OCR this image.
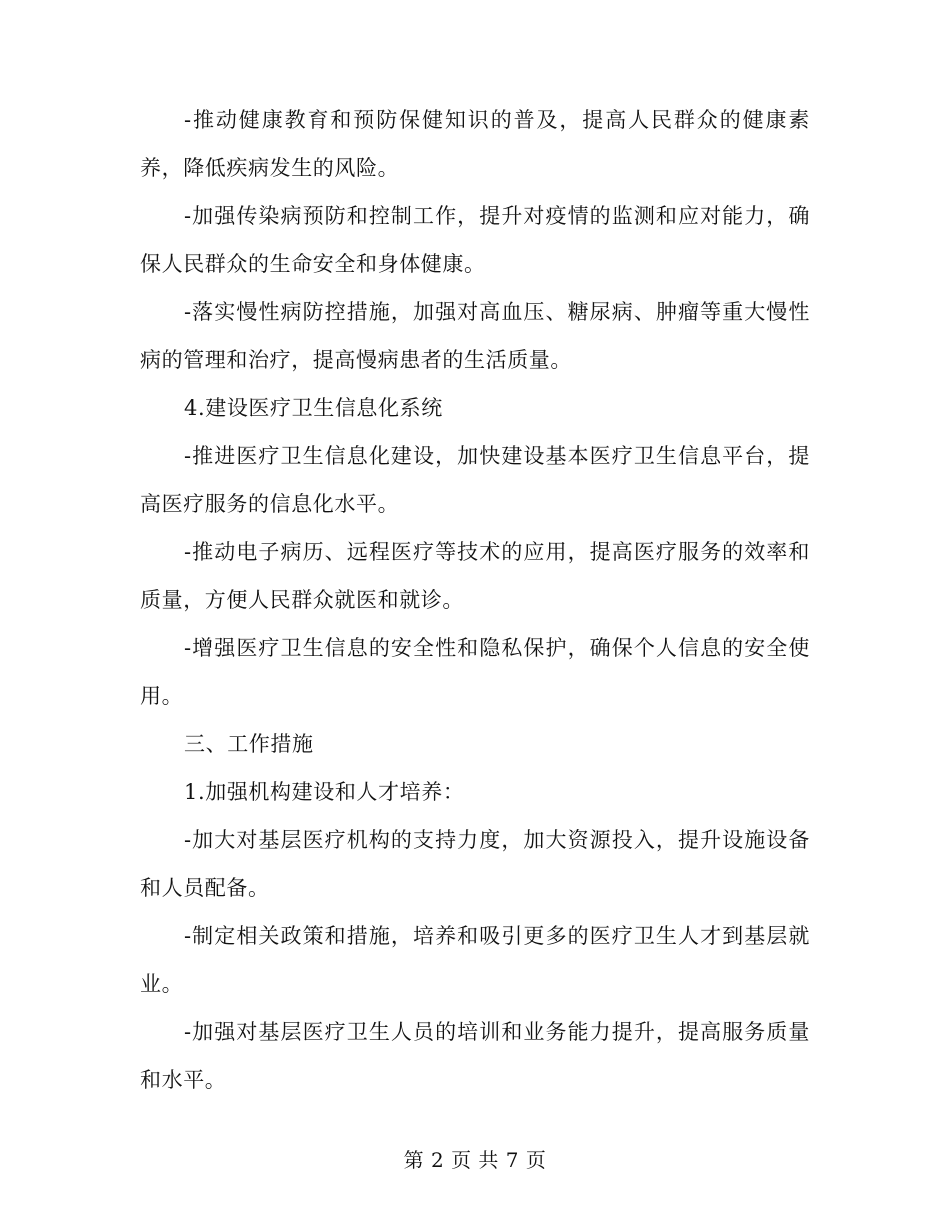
-推动健康教育和预防保健知识的普及，提高人民群众的健康素养，降低疾病发生的风险。

-加强传染病预防和控制工作，提升对疫情的监测和应对能力，确保人民群众的生命安全和身体健康。

-落实慢性病防控措施，加强对高血压、糖尿病、肿瘤等重大慢性病的管理和治疗，提高慢病患者的生活质量。

4.建设医疗卫生信息化系统

-推进医疗卫生信息化建设，加快建设基本医疗卫生信息平台，提高医疗服务的信息化水平。

-推动电子病历、远程医疗等技术的应用，提高医疗服务的效率和质量，方便人民群众就医和就诊。

-增强医疗卫生信息的安全性和隐私保护，确保个人信息的安全使用。

三、工作措施

1.加强机构建设和人才培养：

-加大对基层医疗机构的支持力度，加大资源投入，提升设施设备和人员配备。

-制定相关政策和措施，培养和吸引更多的医疗卫生人才到基层就业。

-加强对基层医疗卫生人员的培训和业务能力提升，提高服务质量和水平。

第 2 页 共 7 页
